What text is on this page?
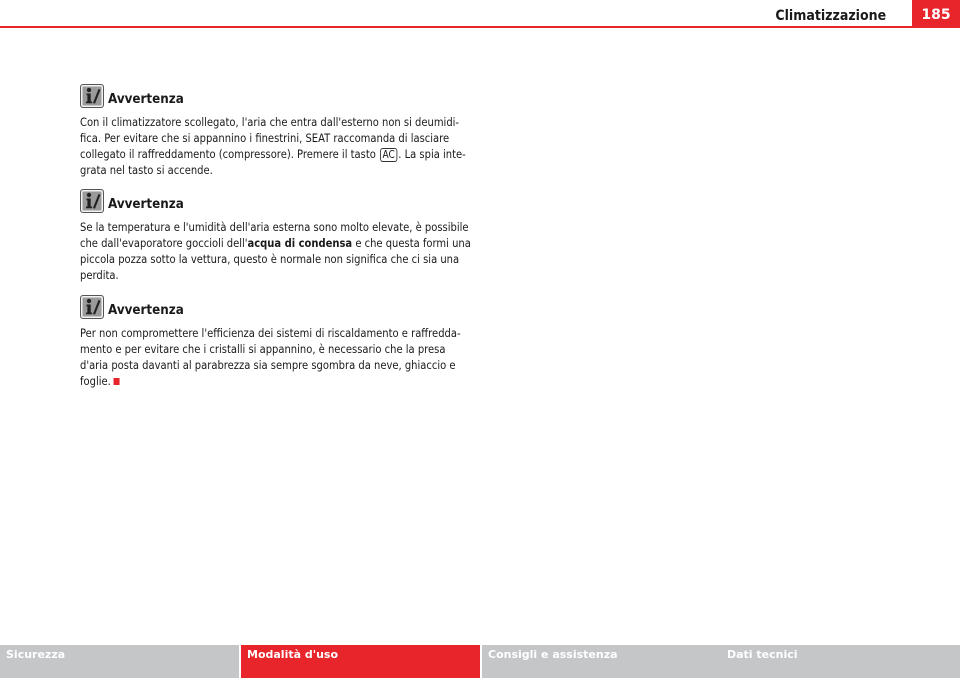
Climatizzazione	185
Avvertenza

Con il climatizzatore scollegato, l'aria che entra dall'esterno non si deumidi-

fica. Per evitare che si appannino i finestrini, SEAT raccomanda di lasciare

collegato il raffreddamento (compressore). Premere il tasto AC . La spia inte-

grata nel tasto si accende.

Avvertenza

Se la temperatura e l'umidità dell'aria esterna sono molto elevate, è possibile

che dall'evaporatore goccioli dell'acqua di condensa e che questa formi una

piccola pozza sotto la vettura, questo è normale non significa che ci sia una

perdita.

Avvertenza

Per non compromettere l'efficienza dei sistemi di riscaldamento e raffredda-

mento e per evitare che i cristalli si appannino, è necessario che la presa

d'aria posta davanti al parabrezza sia sempre sgombra da neve, ghiaccio e

foglie.

Sicurezza	Modalità d'uso	Consigli e assistenza	Dati tecnici
